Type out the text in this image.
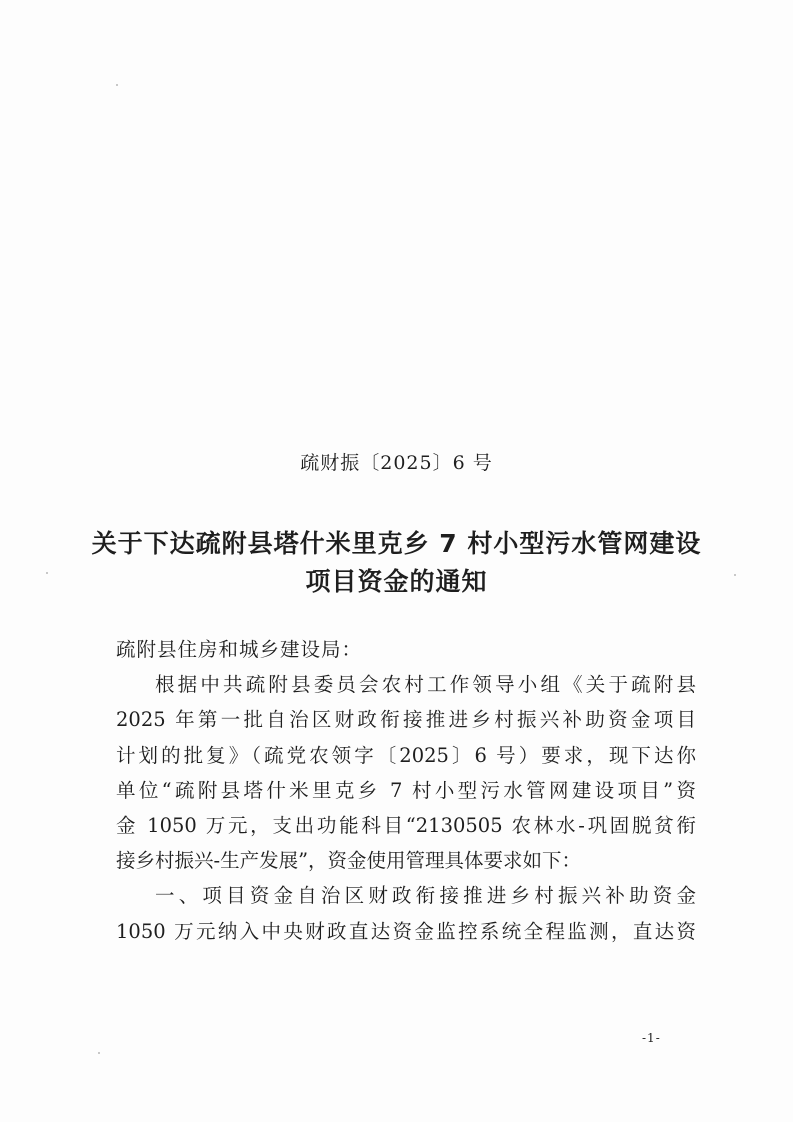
疏财振〔2025〕6 号
关于下达疏附县塔什米里克乡 7 村小型污水管网建设
项目资金的通知
疏附县住房和城乡建设局：
根据中共疏附县委员会农村工作领导小组《关于疏附县
2025 年第一批自治区财政衔接推进乡村振兴补助资金项目
计划的批复》（疏党农领字〔2025〕6 号）要求，现下达你
单位“疏附县塔什米里克乡 7 村小型污水管网建设项目”资
金 1050 万元，支出功能科目“2130505 农林水-巩固脱贫衔
接乡村振兴-生产发展”，资金使用管理具体要求如下：
一、项目资金自治区财政衔接推进乡村振兴补助资金
1050 万元纳入中央财政直达资金监控系统全程监测，直达资
-1-
